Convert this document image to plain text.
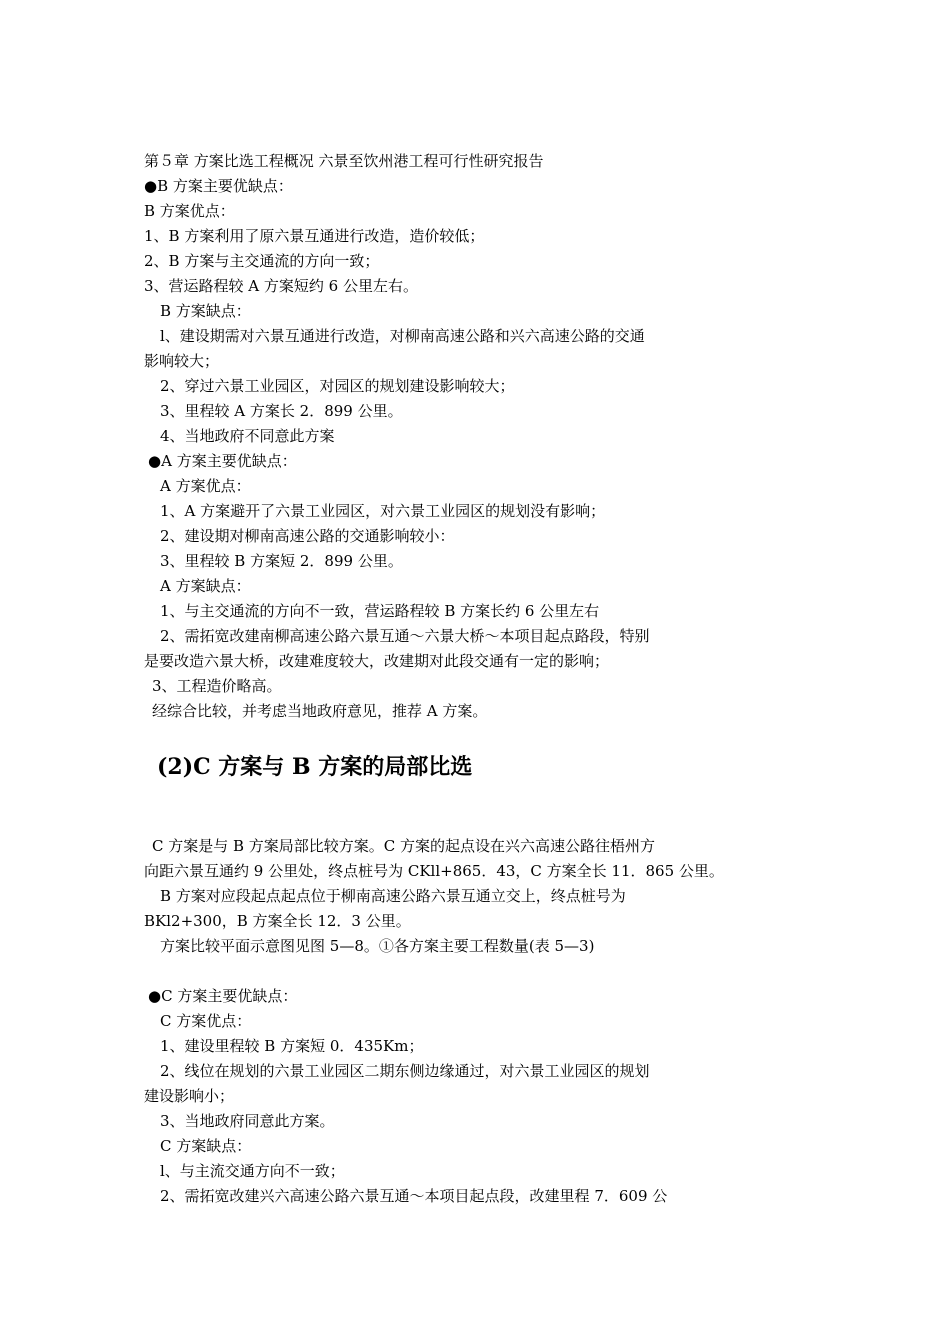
第５章 方案比选工程概况 六景至饮州港工程可行性研究报告
●B 方案主要优缺点：
B 方案优点：
1、B 方案利用了原六景互通进行改造，造价较低；
2、B 方案与主交通流的方向一致；
3、营运路程较 A 方案短约 6 公里左右。
B 方案缺点：
l、建设期需对六景互通进行改造，对柳南高速公路和兴六高速公路的交通
影响较大；
2、穿过六景工业园区，对园区的规划建设影响较大；
3、里程较 A 方案长 2．899 公里。
4、当地政府不同意此方案
●A 方案主要优缺点：
A 方案优点：
1、A 方案避开了六景工业园区，对六景工业园区的规划没有影响；
2、建设期对柳南高速公路的交通影响较小：
3、里程较 B 方案短 2．899 公里。
A 方案缺点：
1、与主交通流的方向不一致，营运路程较 B 方案长约 6 公里左右
2、需拓宽改建南柳高速公路六景互通～六景大桥～本项目起点路段，特别
是要改造六景大桥，改建难度较大，改建期对此段交通有一定的影响；
3、工程造价略高。
经综合比较，并考虑当地政府意见，推荐 A 方案。
(2)C 方案与 B 方案的局部比选
C 方案是与 B 方案局部比较方案。C 方案的起点设在兴六高速公路往梧州方
向距六景互通约 9 公里处，终点桩号为 CKll+865．43，C 方案全长 11．865 公里。
B 方案对应段起点起点位于柳南高速公路六景互通立交上，终点桩号为
BKl2+300，B 方案全长 12．3 公里。
方案比较平面示意图见图 5—8。①各方案主要工程数量(表 5—3)
●C 方案主要优缺点：
C 方案优点：
1、建设里程较 B 方案短 0．435Km；
2、线位在规划的六景工业园区二期东侧边缘通过，对六景工业园区的规划
建设影响小；
3、当地政府同意此方案。
C 方案缺点：
l、与主流交通方向不一致；
2、需拓宽改建兴六高速公路六景互通～本项目起点段，改建里程 7．609 公
